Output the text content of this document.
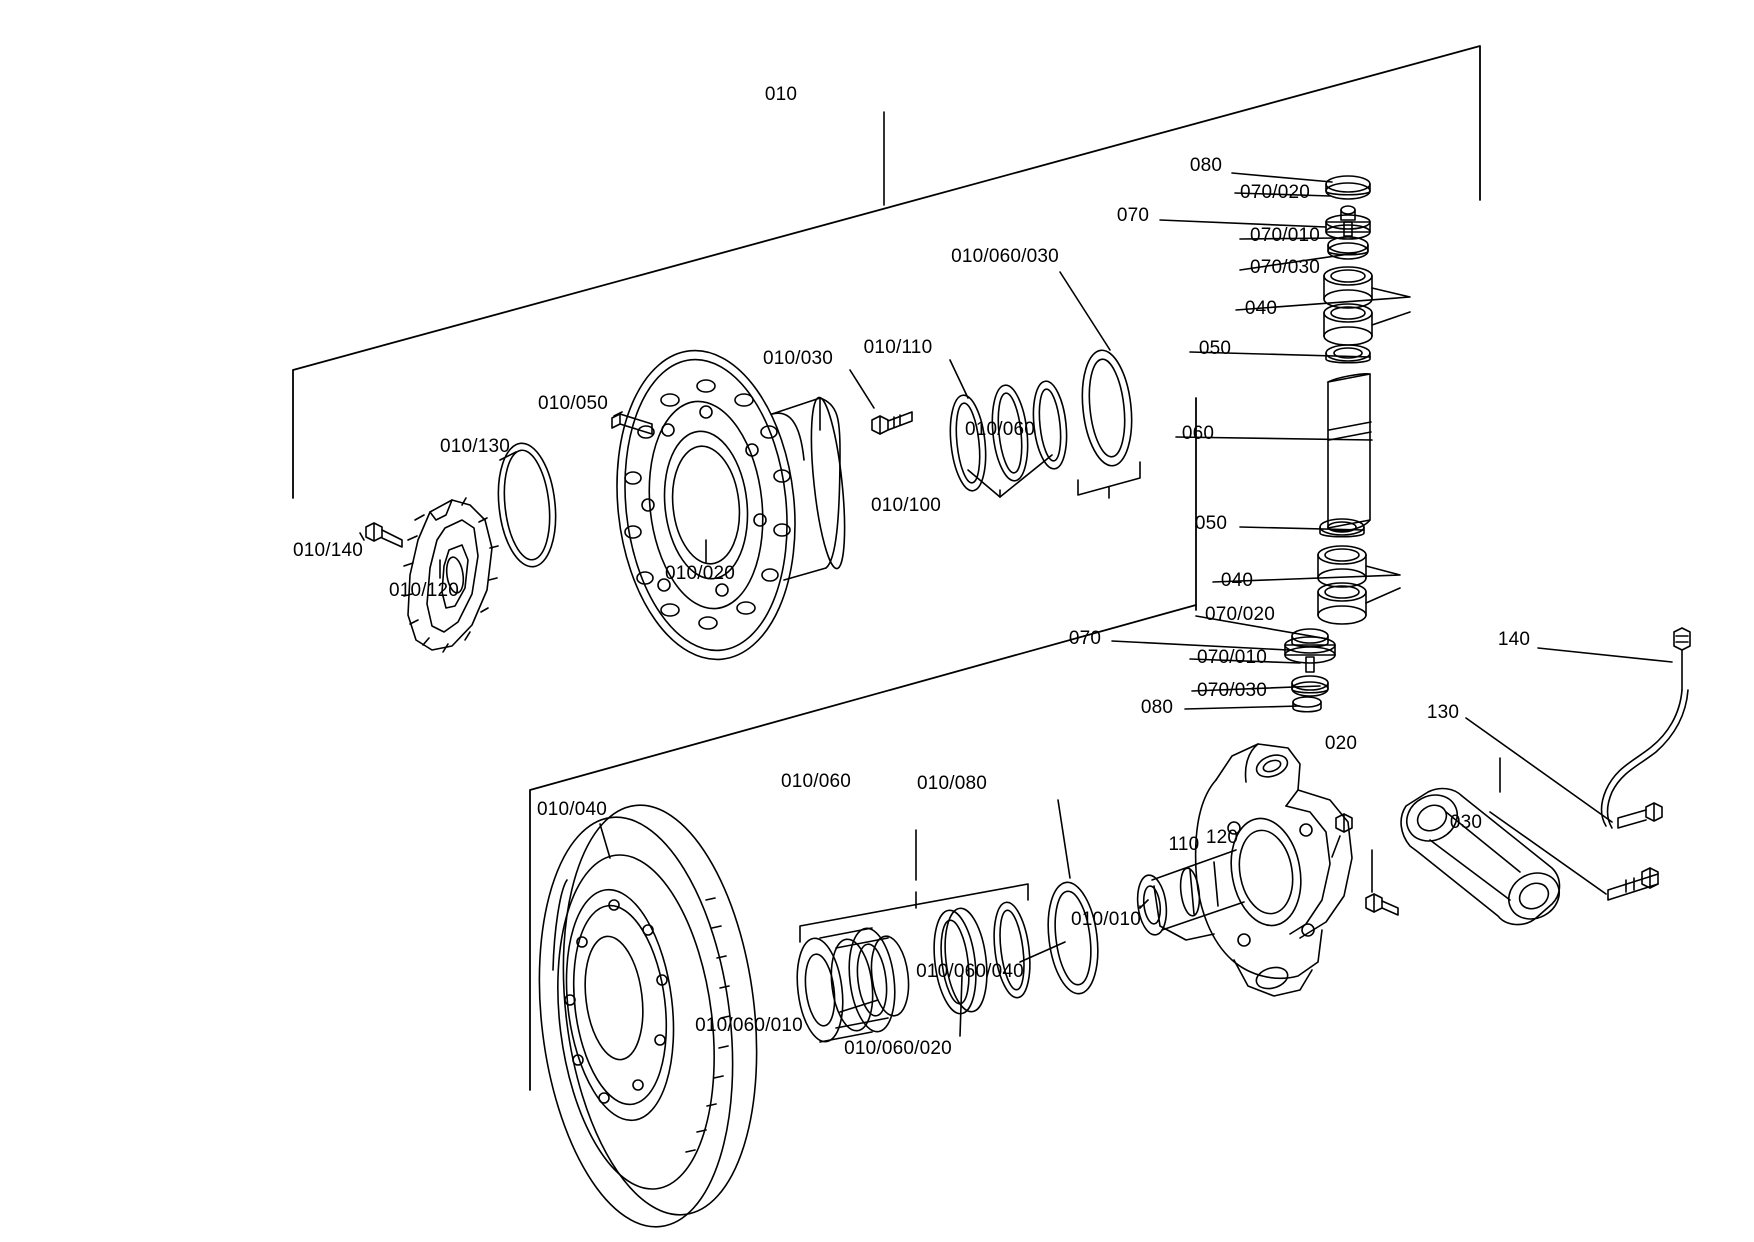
010
080
070/020
070
070/010
070/030
010/060/030
040
050
010/110
010/030
060
010/050
010/130
010/060
010/100
050
010/140
010/020
010/120	040
070/020
140
070
070/010
070/030
080	130
020
010/060	010/080
030
010/040
110 120
010/010
010/060/040
010/060/010
010/060/020
